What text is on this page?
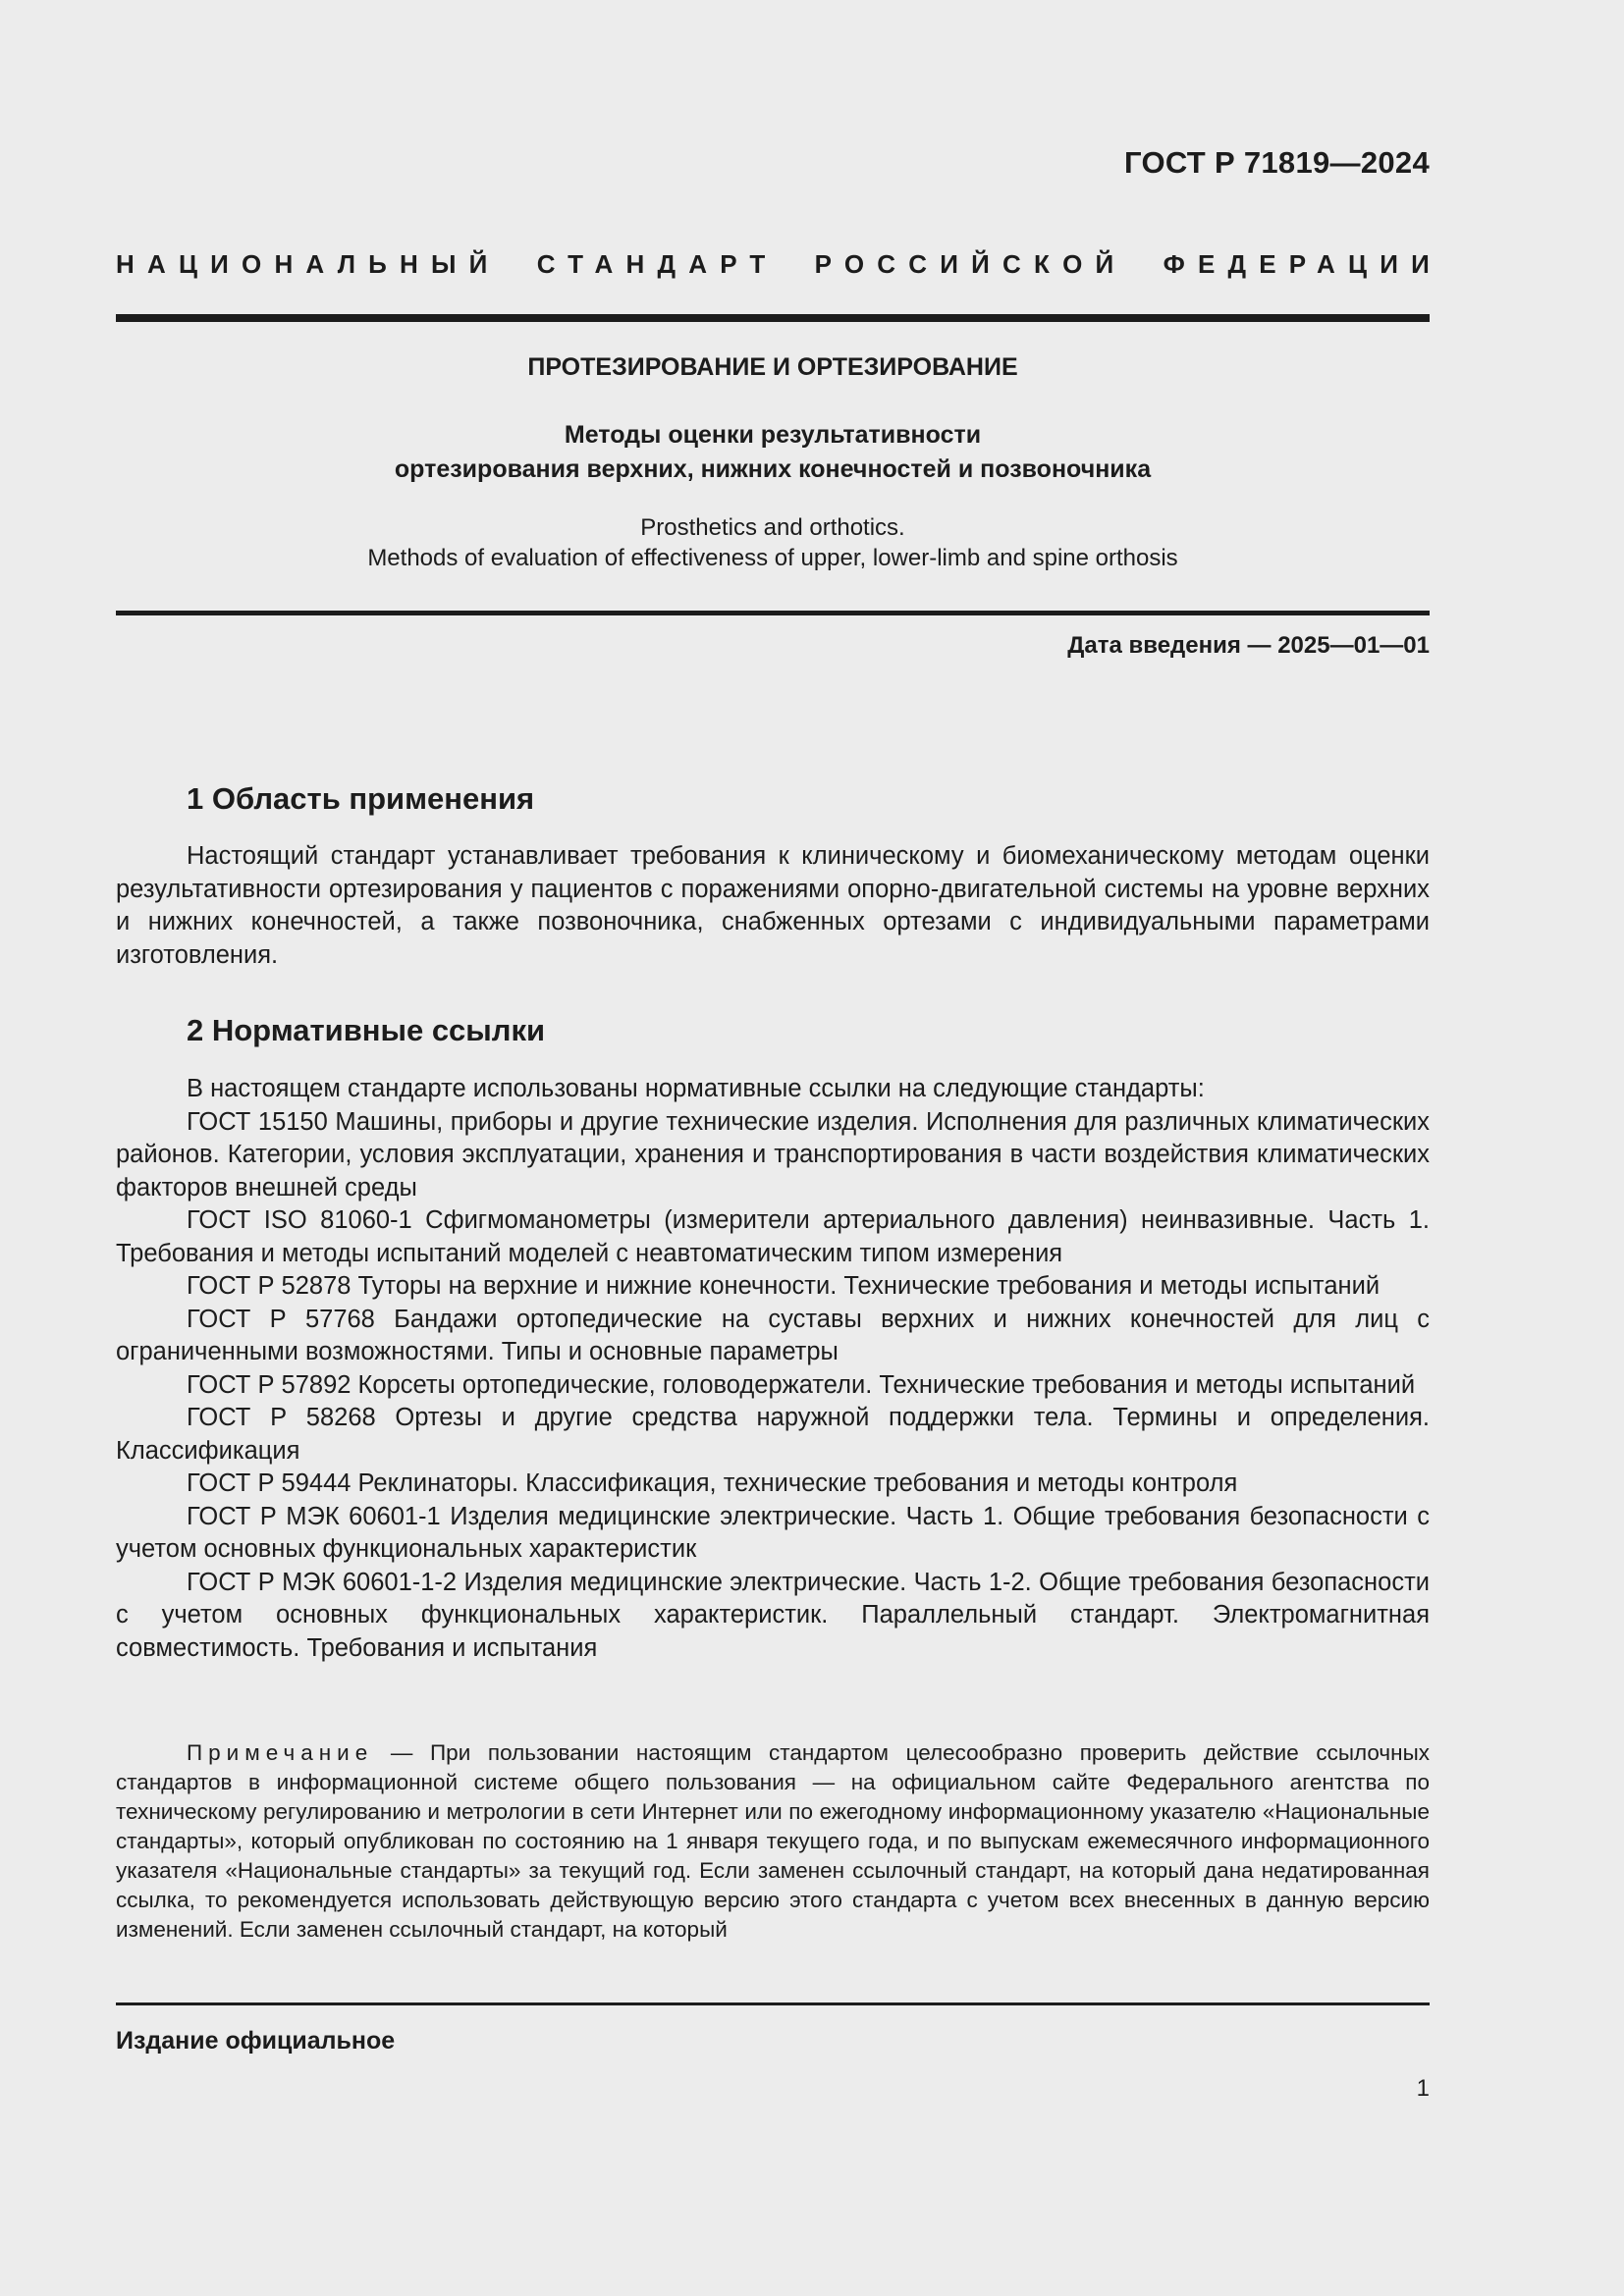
ГОСТ Р 71819—2024
НАЦИОНАЛЬНЫЙ СТАНДАРТ РОССИЙСКОЙ ФЕДЕРАЦИИ
ПРОТЕЗИРОВАНИЕ И ОРТЕЗИРОВАНИЕ
Методы оценки результативности
ортезирования верхних, нижних конечностей и позвоночника
Prosthetics and orthotics.
Methods of evaluation of effectiveness of upper, lower-limb and spine orthosis
Дата введения — 2025—01—01
1 Область применения

Настоящий стандарт устанавливает требования к клиническому и биомеханическому методам оценки результативности ортезирования у пациентов с поражениями опорно-двигательной системы на уровне верхних и нижних конечностей, а также позвоночника, снабженных ортезами с индивидуальными параметрами изготовления.

2 Нормативные ссылки

В настоящем стандарте использованы нормативные ссылки на следующие стандарты:

ГОСТ 15150 Машины, приборы и другие технические изделия. Исполнения для различных климатических районов. Категории, условия эксплуатации, хранения и транспортирования в части воздействия климатических факторов внешней среды

ГОСТ ISO 81060-1 Сфигмоманометры (измерители артериального давления) неинвазивные. Часть 1. Требования и методы испытаний моделей с неавтоматическим типом измерения

ГОСТ Р 52878 Туторы на верхние и нижние конечности. Технические требования и методы испытаний

ГОСТ Р 57768 Бандажи ортопедические на суставы верхних и нижних конечностей для лиц с ограниченными возможностями. Типы и основные параметры

ГОСТ Р 57892 Корсеты ортопедические, головодержатели. Технические требования и методы испытаний

ГОСТ Р 58268 Ортезы и другие средства наружной поддержки тела. Термины и определения. Классификация

ГОСТ Р 59444 Реклинаторы. Классификация, технические требования и методы контроля

ГОСТ Р МЭК 60601-1 Изделия медицинские электрические. Часть 1. Общие требования безопасности с учетом основных функциональных характеристик

ГОСТ Р МЭК 60601-1-2 Изделия медицинские электрические. Часть 1-2. Общие требования безопасности с учетом основных функциональных характеристик. Параллельный стандарт. Электромагнитная совместимость. Требования и испытания

Примечание — При пользовании настоящим стандартом целесообразно проверить действие ссылочных стандартов в информационной системе общего пользования — на официальном сайте Федерального агентства по техническому регулированию и метрологии в сети Интернет или по ежегодному информационному указателю «Национальные стандарты», который опубликован по состоянию на 1 января текущего года, и по выпускам ежемесячного информационного указателя «Национальные стандарты» за текущий год. Если заменен ссылочный стандарт, на который дана недатированная ссылка, то рекомендуется использовать действующую версию этого стандарта с учетом всех внесенных в данную версию изменений. Если заменен ссылочный стандарт, на который

Издание официальное
1
